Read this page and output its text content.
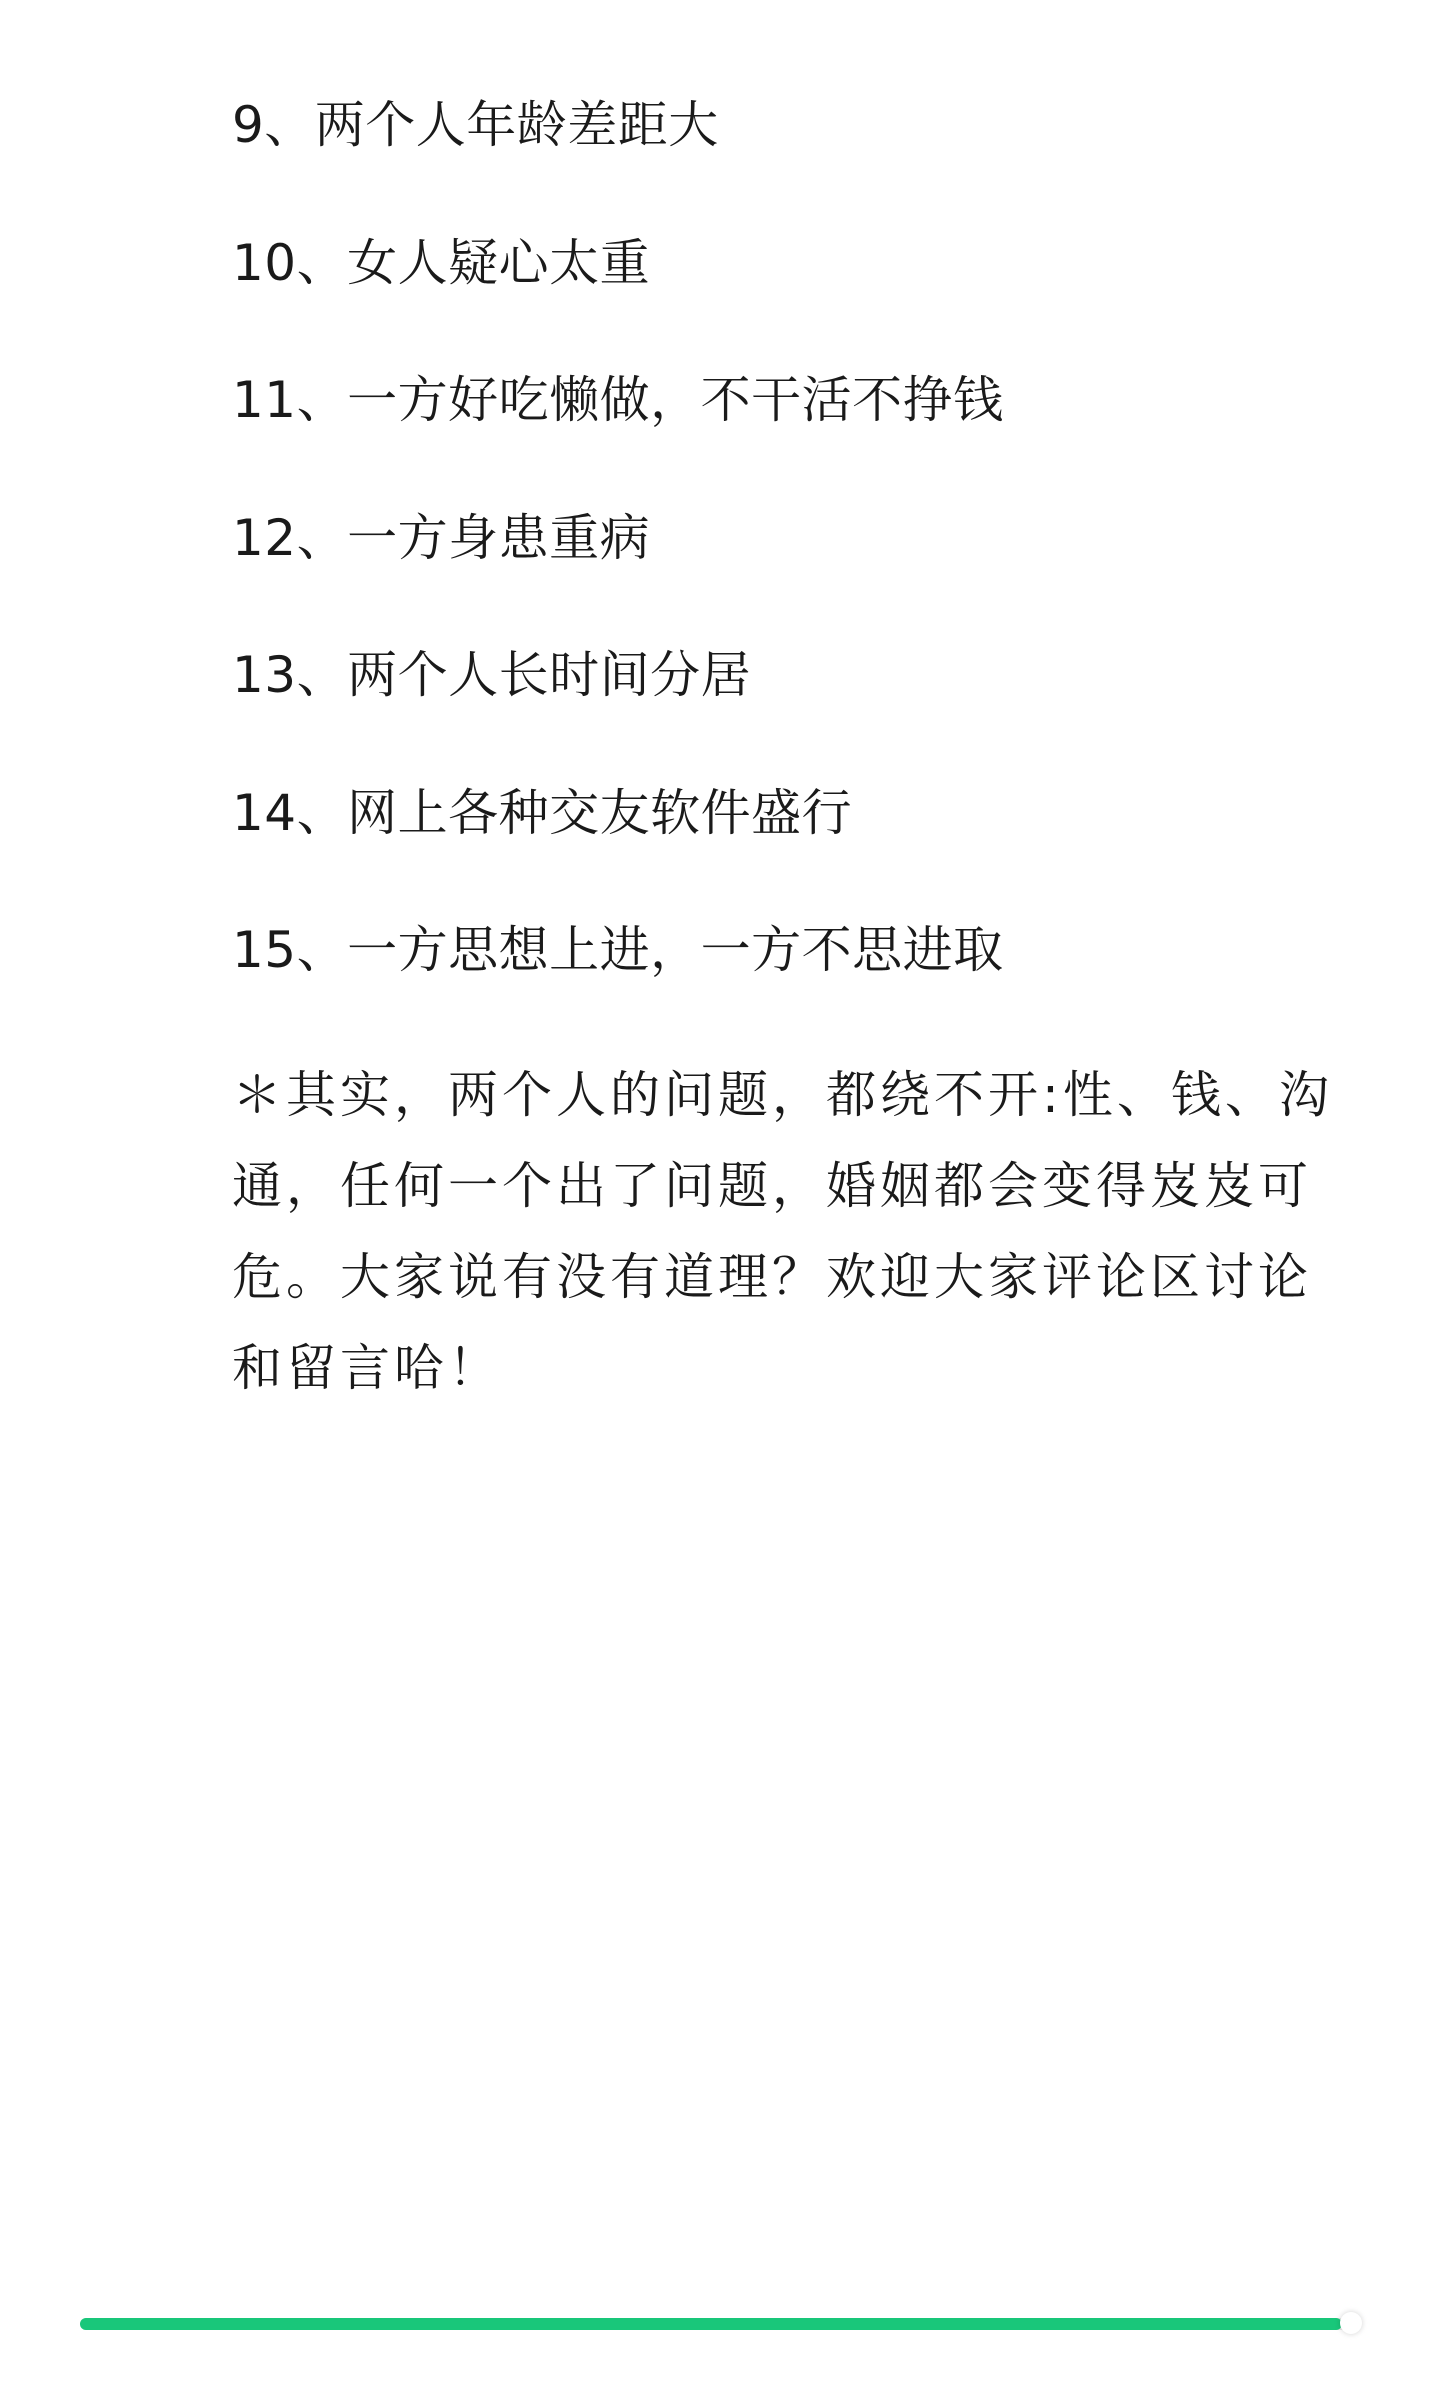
9、两个人年龄差距大

10、女人疑心太重

11、一方好吃懒做，不干活不挣钱

12、一方身患重病

13、两个人长时间分居

14、网上各种交友软件盛行

15、一方思想上进，一方不思进取

＊其实，两个人的问题，都绕不开:性、钱、沟通，任何一个出了问题，婚姻都会变得岌岌可危。大家说有没有道理？欢迎大家评论区讨论和留言哈！
